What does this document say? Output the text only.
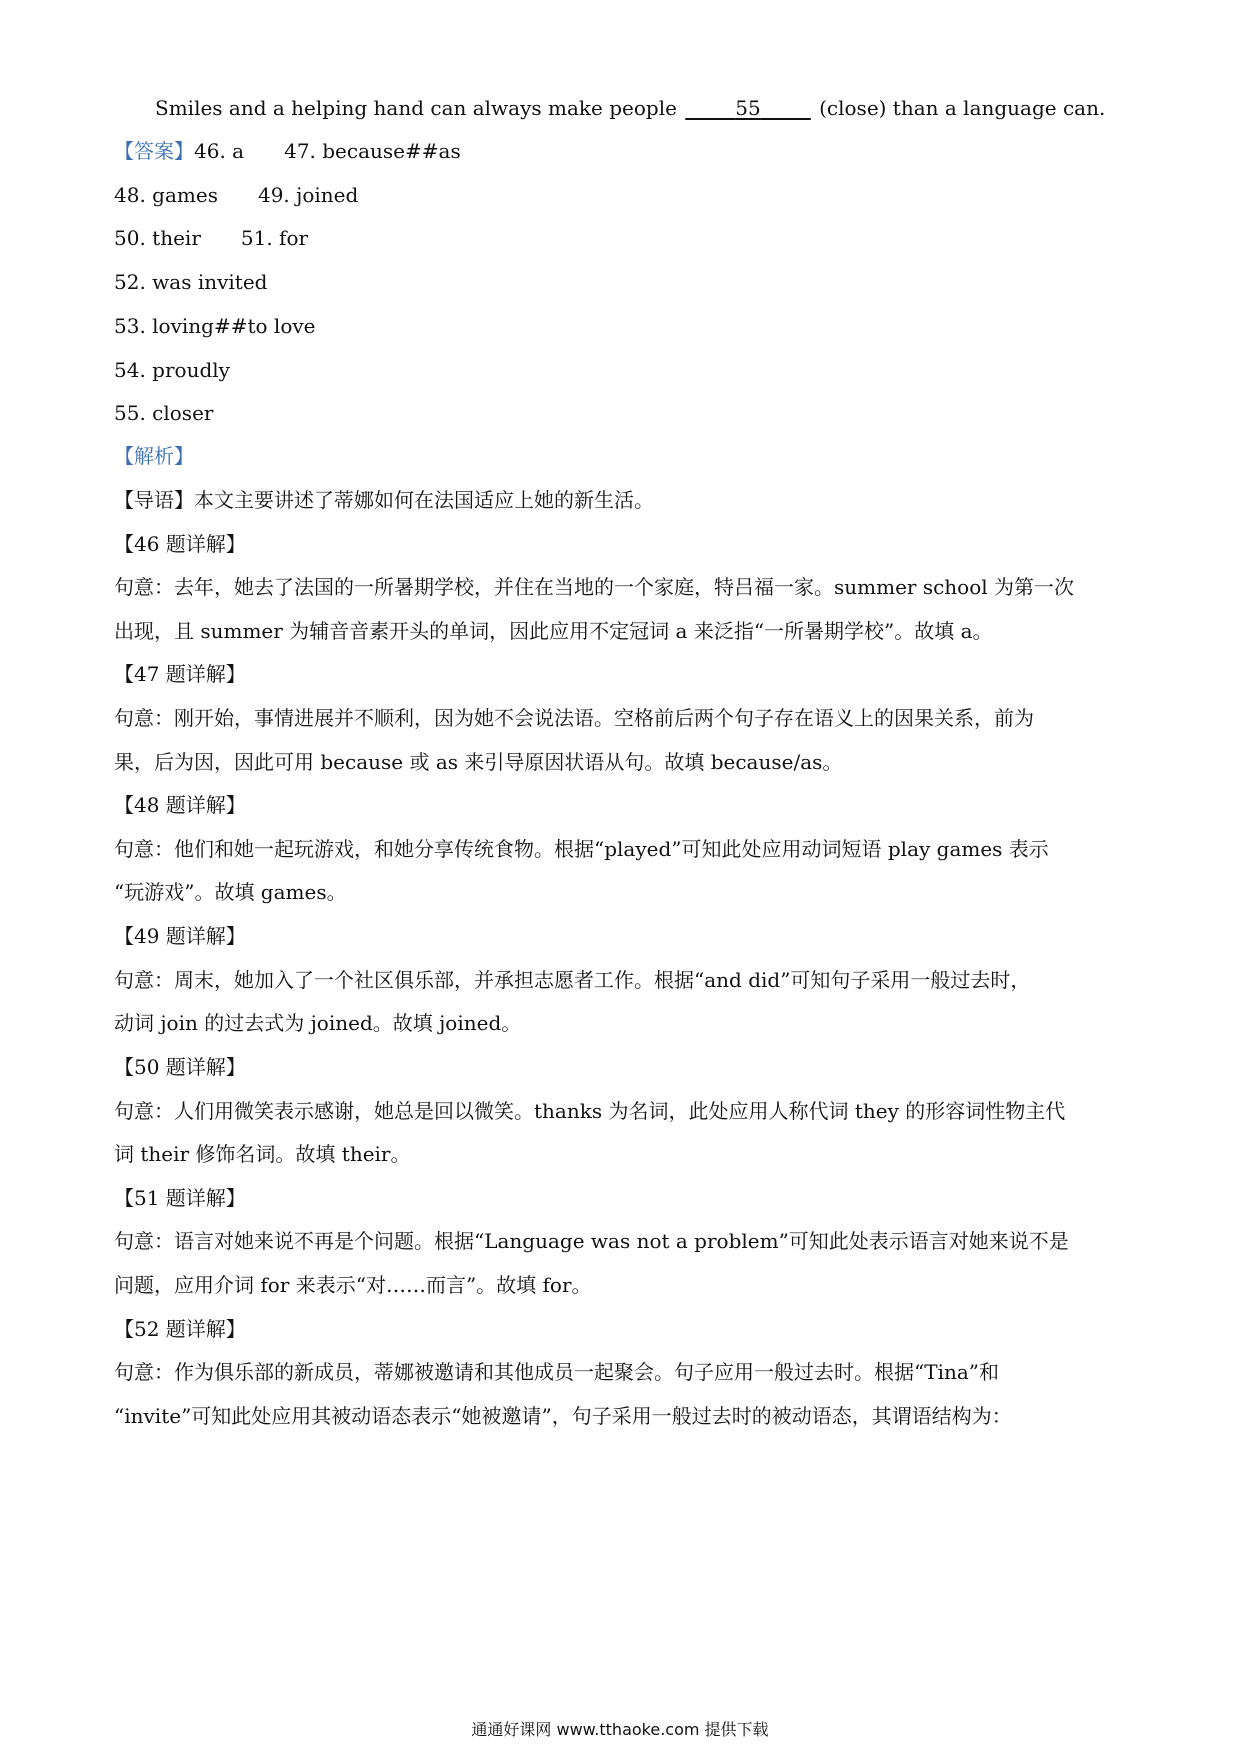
Smiles and a helping hand can always make people _____55_____ (close) than a language can.
【答案】46. a 47. because##as
48. games 49. joined
50. their 51. for
52. was invited
53. loving##to love
54. proudly
55. closer
【解析】
【导语】本文主要讲述了蒂娜如何在法国适应上她的新生活。
【46 题详解】
句意：去年，她去了法国的一所暑期学校，并住在当地的一个家庭，特吕福一家。summer school 为第一次
出现，且 summer 为辅音音素开头的单词，因此应用不定冠词 a 来泛指“一所暑期学校”。故填 a。
【47 题详解】
句意：刚开始，事情进展并不顺利，因为她不会说法语。空格前后两个句子存在语义上的因果关系，前为
果，后为因，因此可用 because 或 as 来引导原因状语从句。故填 because/as。
【48 题详解】
句意：他们和她一起玩游戏，和她分享传统食物。根据“played”可知此处应用动词短语 play games 表示
“玩游戏”。故填 games。
【49 题详解】
句意：周末，她加入了一个社区俱乐部，并承担志愿者工作。根据“and did”可知句子采用一般过去时，
动词 join 的过去式为 joined。故填 joined。
【50 题详解】
句意：人们用微笑表示感谢，她总是回以微笑。thanks 为名词，此处应用人称代词 they 的形容词性物主代
词 their 修饰名词。故填 their。
【51 题详解】
句意：语言对她来说不再是个问题。根据“Language was not a problem”可知此处表示语言对她来说不是
问题，应用介词 for 来表示“对……而言”。故填 for。
【52 题详解】
句意：作为俱乐部的新成员，蒂娜被邀请和其他成员一起聚会。句子应用一般过去时。根据“Tina”和
“invite”可知此处应用其被动语态表示“她被邀请”，句子采用一般过去时的被动语态，其谓语结构为：
通通好课网 www.tthaoke.com 提供下载
